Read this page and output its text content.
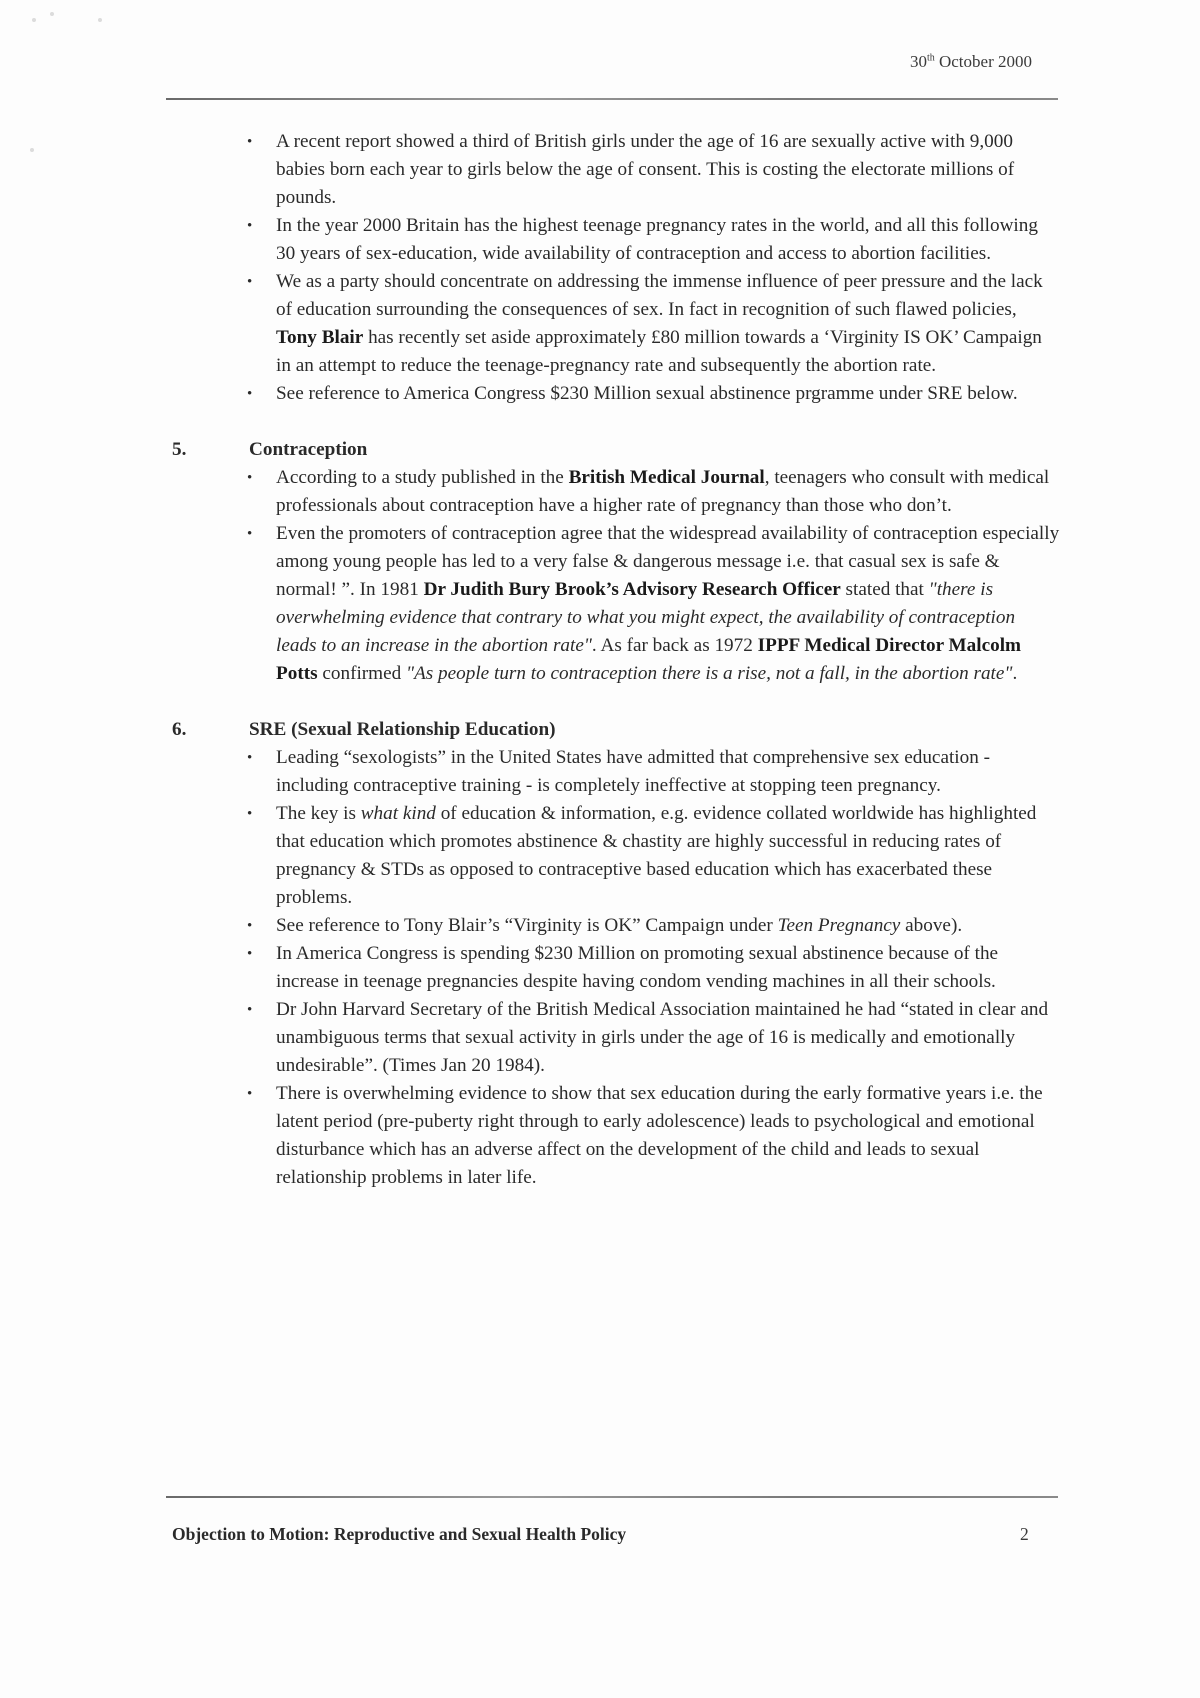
30th October 2000
• A recent report showed a third of British girls under the age of 16 are sexually active with 9,000 babies born each year to girls below the age of consent. This is costing the electorate millions of pounds.
• In the year 2000 Britain has the highest teenage pregnancy rates in the world, and all this following 30 years of sex-education, wide availability of contraception and access to abortion facilities.
• We as a party should concentrate on addressing the immense influence of peer pressure and the lack of education surrounding the consequences of sex. In fact in recognition of such flawed policies, Tony Blair has recently set aside approximately £80 million towards a ‘Virginity IS OK’ Campaign in an attempt to reduce the teenage-pregnancy rate and subsequently the abortion rate.
• See reference to America Congress $230 Million sexual abstinence prgramme under SRE below.
5.	Contraception
• According to a study published in the British Medical Journal, teenagers who consult with medical professionals about contraception have a higher rate of pregnancy than those who don’t.
• Even the promoters of contraception agree that the widespread availability of contraception especially among young people has led to a very false & dangerous message i.e. that casual sex is safe & normal! ”. In 1981 Dr Judith Bury Brook’s Advisory Research Officer stated that "there is overwhelming evidence that contrary to what you might expect, the availability of contraception leads to an increase in the abortion rate". As far back as 1972 IPPF Medical Director Malcolm Potts confirmed "As people turn to contraception there is a rise, not a fall, in the abortion rate".
6.	SRE (Sexual Relationship Education)
• Leading “sexologists” in the United States have admitted that comprehensive sex education - including contraceptive training - is completely ineffective at stopping teen pregnancy.
• The key is what kind of education & information, e.g. evidence collated worldwide has highlighted that education which promotes abstinence & chastity are highly successful in reducing rates of pregnancy & STDs as opposed to contraceptive based education which has exacerbated these problems.
• See reference to Tony Blair’s “Virginity is OK” Campaign under Teen Pregnancy above).
• In America Congress is spending $230 Million on promoting sexual abstinence because of the increase in teenage pregnancies despite having condom vending machines in all their schools.
• Dr John Harvard Secretary of the British Medical Association maintained he had “stated in clear and unambiguous terms that sexual activity in girls under the age of 16 is medically and emotionally undesirable”. (Times Jan 20 1984).
• There is overwhelming evidence to show that sex education during the early formative years i.e. the latent period (pre-puberty right through to early adolescence) leads to psychological and emotional disturbance which has an adverse affect on the development of the child and leads to sexual relationship problems in later life.
Objection to Motion: Reproductive and Sexual Health Policy	2
